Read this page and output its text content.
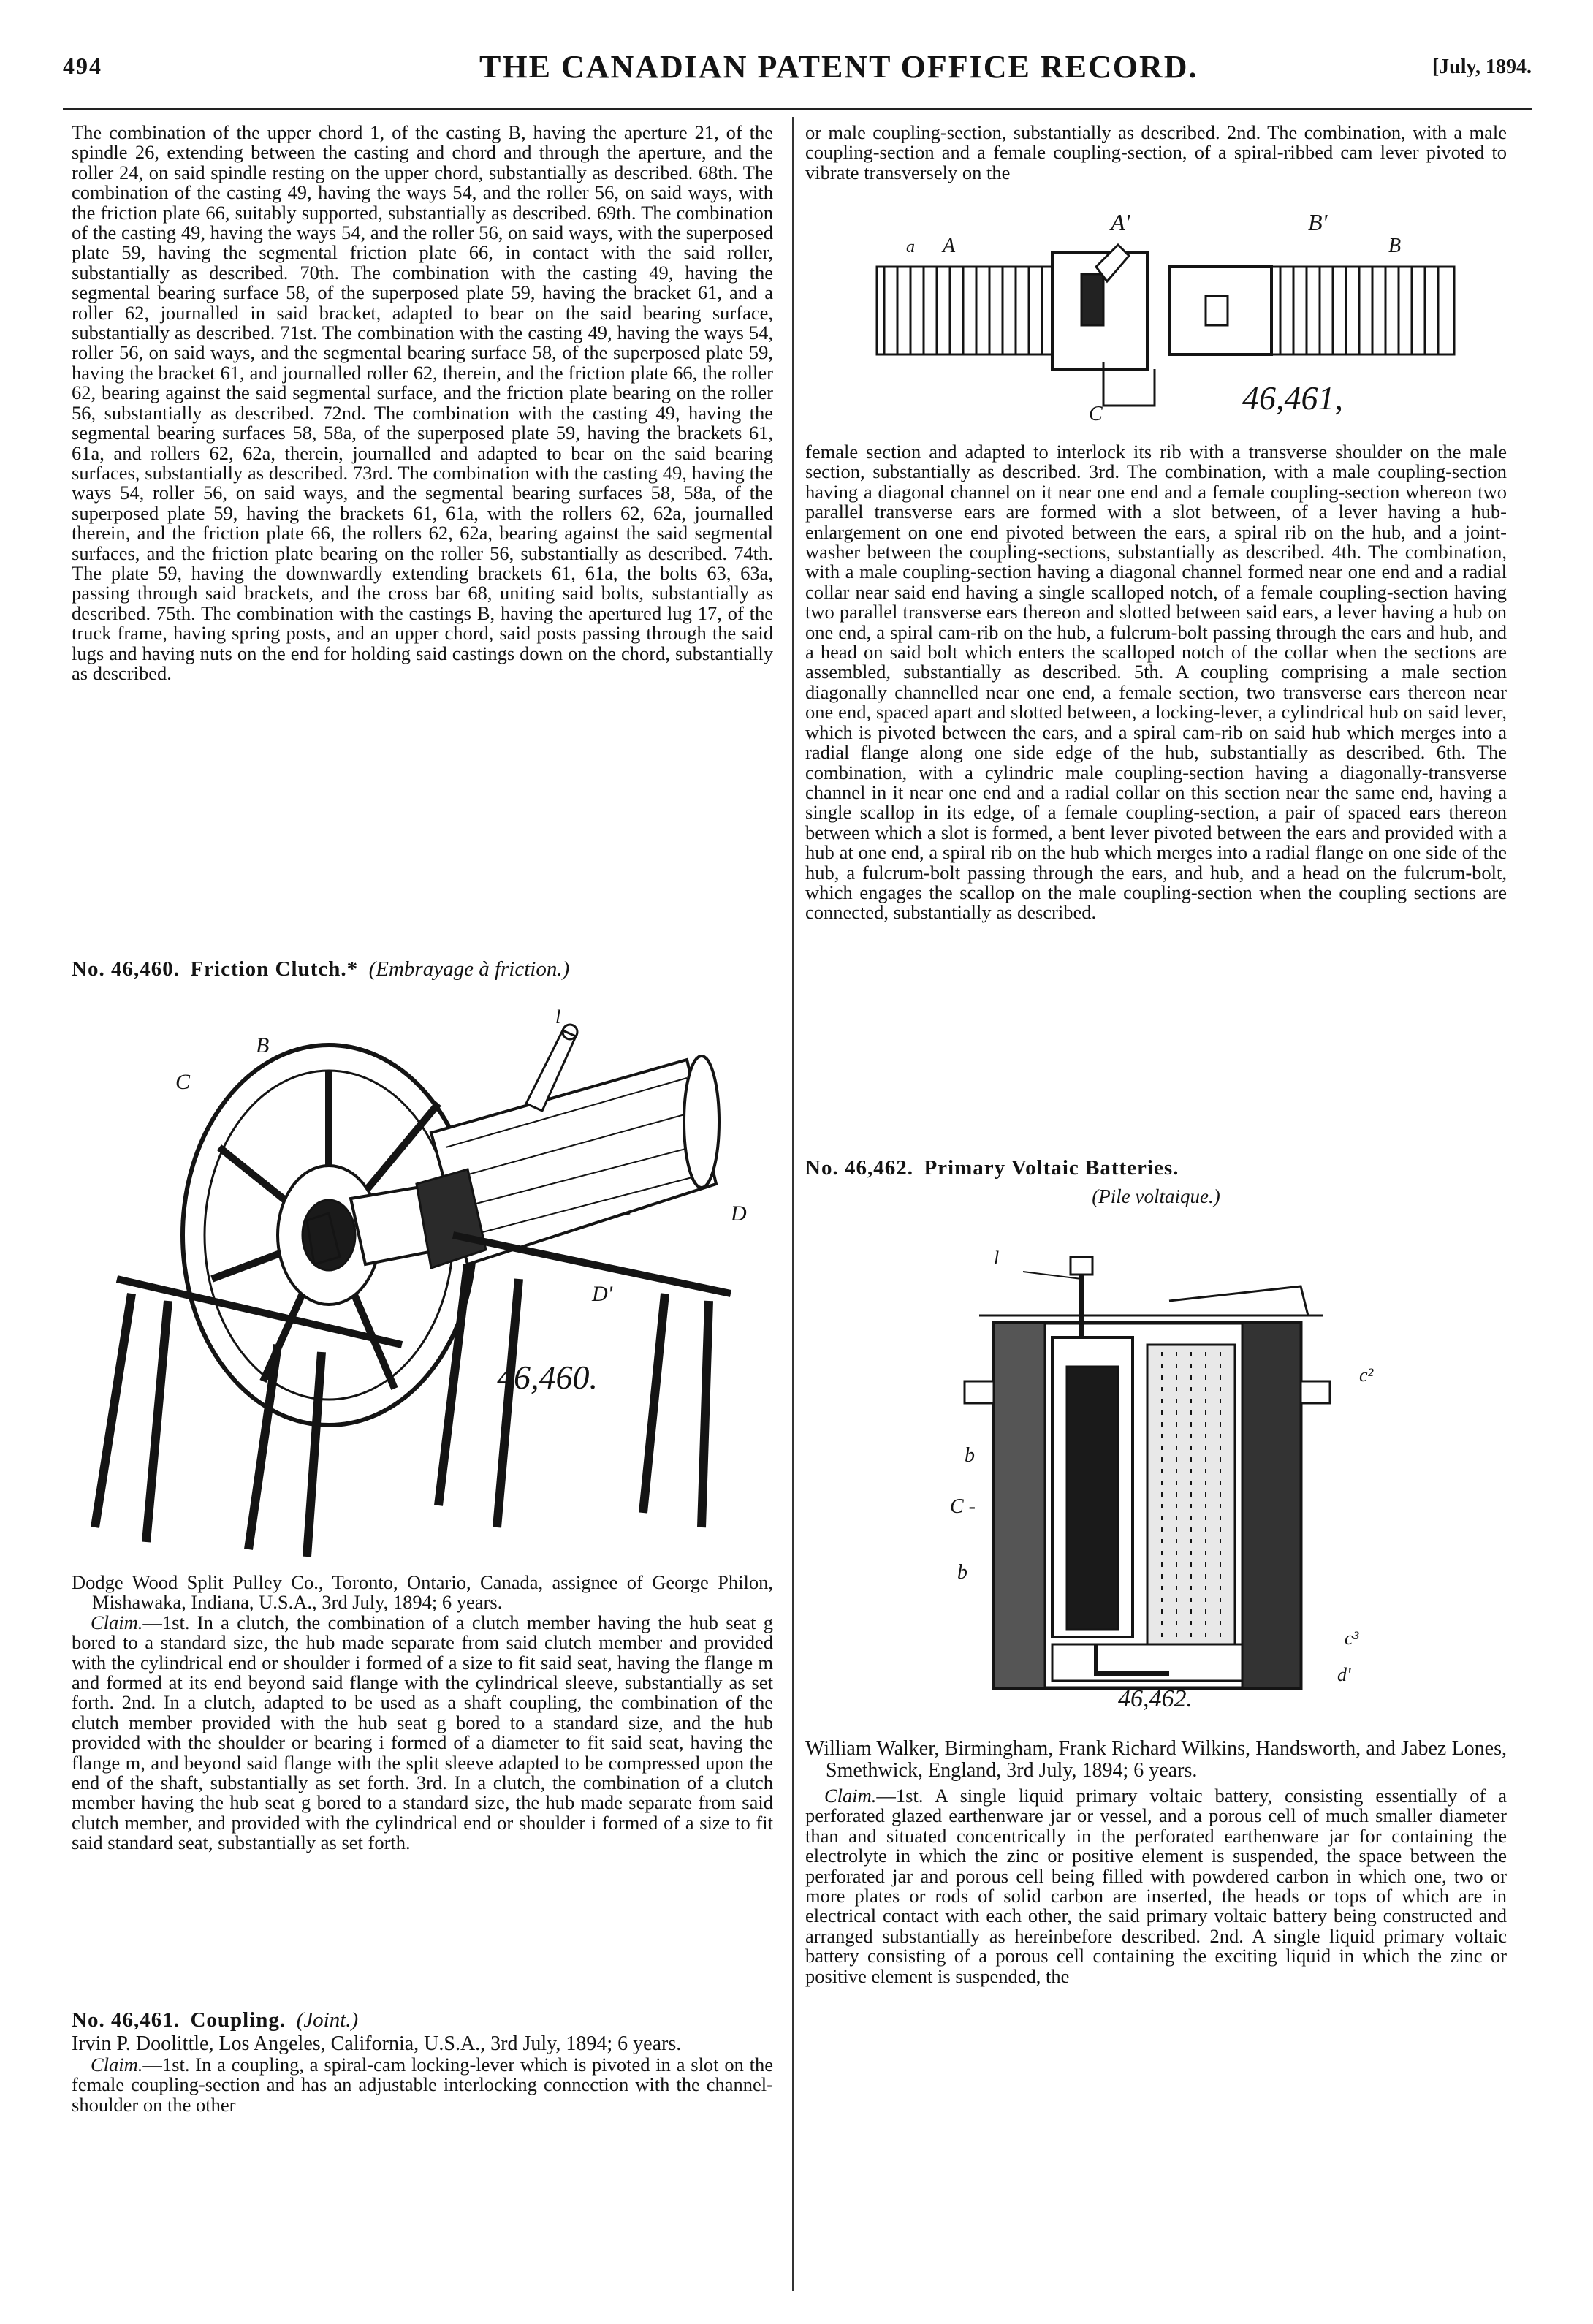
494	THE CANADIAN PATENT OFFICE RECORD.	[July, 1894.

The combination of the upper chord 1, of the casting B, having the aperture 21, of the spindle 26, extending between the casting and chord and through the aperture, and the roller 24, on said spindle resting on the upper chord, substantially as described. 68th. The combination of the casting 49, having the ways 54, and the roller 56, on said ways, with the friction plate 66, suitably supported, substantially as described. 69th. The combination of the casting 49, having the ways 54, and the roller 56, on said ways, with the superposed plate 59, having the segmental friction plate 66, in contact with the said roller, substantially as described. 70th. The combination with the casting 49, having the segmental bearing surface 58, of the superposed plate 59, having the bracket 61, and a roller 62, journalled in said bracket, adapted to bear on the said bearing surface, substantially as described. 71st. The combination with the casting 49, having the ways 54, roller 56, on said ways, and the segmental bearing surface 58, of the superposed plate 59, having the bracket 61, and journalled roller 62, therein, and the friction plate 66, the roller 62, bearing against the said segmental surface, and the friction plate bearing on the roller 56, substantially as described. 72nd. The combination with the casting 49, having the segmental bearing surfaces 58, 58a, of the superposed plate 59, having the brackets 61, 61a, and rollers 62, 62a, therein, journalled and adapted to bear on the said bearing surfaces, substantially as described. 73rd. The combination with the casting 49, having the ways 54, roller 56, on said ways, and the segmental bearing surfaces 58, 58a, of the superposed plate 59, having the brackets 61, 61a, with the rollers 62, 62a, journalled therein, and the friction plate 66, the rollers 62, 62a, bearing against the said segmental surfaces, and the friction plate bearing on the roller 56, substantially as described. 74th. The plate 59, having the downwardly extending brackets 61, 61a, the bolts 63, 63a, passing through said brackets, and the cross bar 68, uniting said bolts, substantially as described. 75th. The combination with the castings B, having the apertured lug 17, of the truck frame, having spring posts, and an upper chord, said posts passing through the said lugs and having nuts on the end for holding said castings down on the chord, substantially as described.

No. 46,460. Friction Clutch.* (Embrayage à friction.)

C
B
D
D'
l
46,460.

Dodge Wood Split Pulley Co., Toronto, Ontario, Canada, assignee of George Philon, Mishawaka, Indiana, U.S.A., 3rd July, 1894; 6 years.

Claim.—1st. In a clutch, the combination of a clutch member having the hub seat g bored to a standard size, the hub made separate from said clutch member and provided with the cylindrical end or shoulder i formed of a size to fit said seat, having the flange m and formed at its end beyond said flange with the cylindrical sleeve, substantially as set forth. 2nd. In a clutch, adapted to be used as a shaft coupling, the combination of the clutch member provided with the hub seat g bored to a standard size, and the hub provided with the shoulder or bearing i formed of a diameter to fit said seat, having the flange m, and beyond said flange with the split sleeve adapted to be compressed upon the end of the shaft, substantially as set forth. 3rd. In a clutch, the combination of a clutch member having the hub seat g bored to a standard size, the hub made separate from said clutch member, and provided with the cylindrical end or shoulder i formed of a size to fit said standard seat, substantially as set forth.

No. 46,461. Coupling. (Joint.)

Irvin P. Doolittle, Los Angeles, California, U.S.A., 3rd July, 1894; 6 years.

Claim.—1st. In a coupling, a spiral-cam locking-lever which is pivoted in a slot on the female coupling-section and has an adjustable interlocking connection with the channel-shoulder on the other

or male coupling-section, substantially as described. 2nd. The combination, with a male coupling-section and a female coupling-section, of a spiral-ribbed cam lever pivoted to vibrate transversely on the

A
a
A'	B'
B
C	46,461,

female section and adapted to interlock its rib with a transverse shoulder on the male section, substantially as described. 3rd. The combination, with a male coupling-section having a diagonal channel on it near one end and a female coupling-section whereon two parallel transverse ears are formed with a slot between, of a lever having a hub-enlargement on one end pivoted between the ears, a spiral rib on the hub, and a joint-washer between the coupling-sections, substantially as described. 4th. The combination, with a male coupling-section having a diagonal channel formed near one end and a radial collar near said end having a single scalloped notch, of a female coupling-section having two parallel transverse ears thereon and slotted between said ears, a lever having a hub on one end, a spiral cam-rib on the hub, a fulcrum-bolt passing through the ears and hub, and a head on said bolt which enters the scalloped notch of the collar when the sections are assembled, substantially as described. 5th. A coupling comprising a male section diagonally channelled near one end, a female section, two transverse ears thereon near one end, spaced apart and slotted between, a locking-lever, a cylindrical hub on said lever, which is pivoted between the ears, and a spiral cam-rib on said hub which merges into a radial flange along one side edge of the hub, substantially as described. 6th. The combination, with a cylindric male coupling-section having a diagonally-transverse channel in it near one end and a radial collar on this section near the same end, having a single scallop in its edge, of a female coupling-section, a pair of spaced ears thereon between which a slot is formed, a bent lever pivoted between the ears and provided with a hub at one end, a spiral rib on the hub which merges into a radial flange on one side of the hub, a fulcrum-bolt passing through the ears, and hub, and a head on the fulcrum-bolt, which engages the scallop on the male coupling-section when the coupling sections are connected, substantially as described.

No. 46,462. Primary Voltaic Batteries.

(Pile voltaique.)

l
c²
b
C -
b
c³
d'
46,462.

William Walker, Birmingham, Frank Richard Wilkins, Handsworth, and Jabez Lones, Smethwick, England, 3rd July, 1894; 6 years.

Claim.—1st. A single liquid primary voltaic battery, consisting essentially of a perforated glazed earthenware jar or vessel, and a porous cell of much smaller diameter than and situated concentrically in the perforated earthenware jar for containing the electrolyte in which the zinc or positive element is suspended, the space between the perforated jar and porous cell being filled with powdered carbon in which one, two or more plates or rods of solid carbon are inserted, the heads or tops of which are in electrical contact with each other, the said primary voltaic battery being constructed and arranged substantially as hereinbefore described. 2nd. A single liquid primary voltaic battery consisting of a porous cell containing the exciting liquid in which the zinc or positive element is suspended, the
